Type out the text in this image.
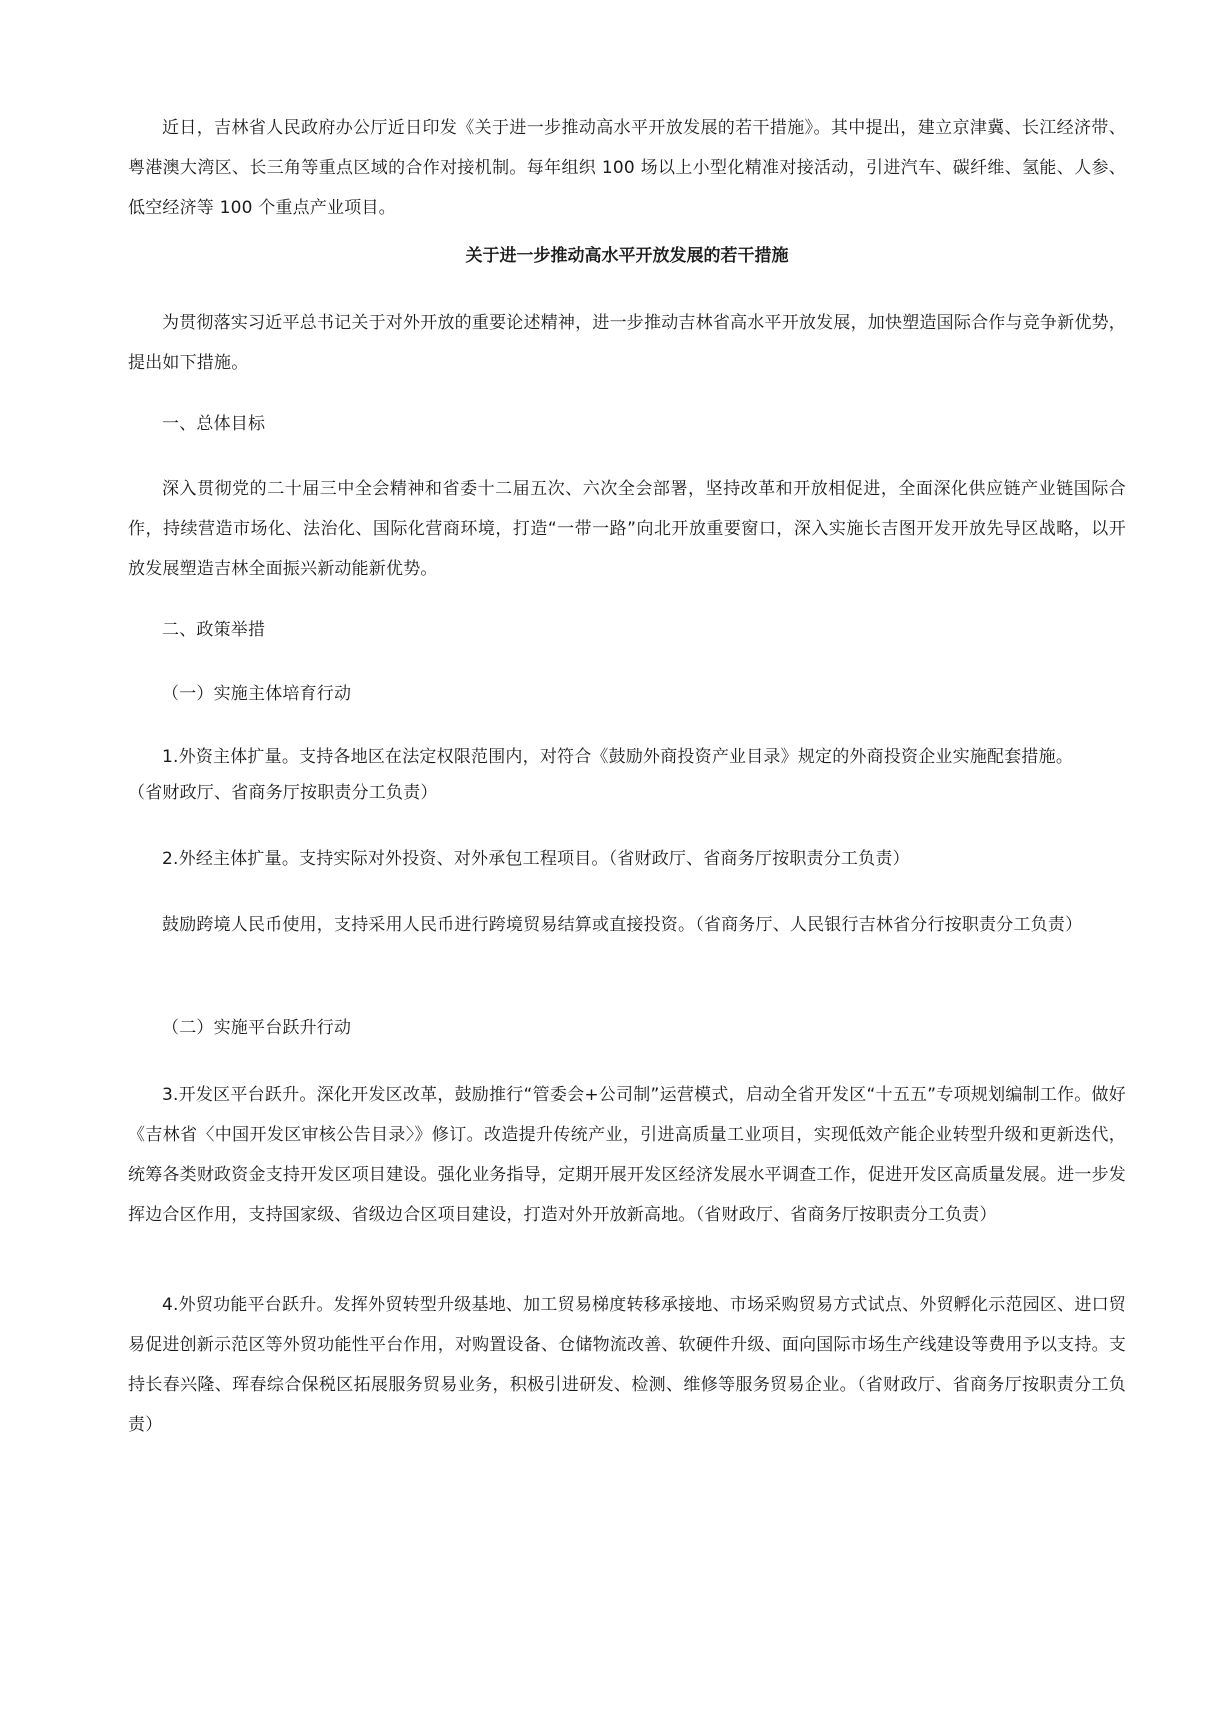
近日，吉林省人民政府办公厅近日印发《关于进一步推动高水平开放发展的若干措施》。其中提出，建立京津冀、长江经济带、粤港澳大湾区、长三角等重点区域的合作对接机制。每年组织 100 场以上小型化精准对接活动，引进汽车、碳纤维、氢能、人参、低空经济等 100 个重点产业项目。

关于进一步推动高水平开放发展的若干措施

为贯彻落实习近平总书记关于对外开放的重要论述精神，进一步推动吉林省高水平开放发展，加快塑造国际合作与竞争新优势，提出如下措施。

一、总体目标

深入贯彻党的二十届三中全会精神和省委十二届五次、六次全会部署，坚持改革和开放相促进，全面深化供应链产业链国际合作，持续营造市场化、法治化、国际化营商环境，打造“一带一路”向北开放重要窗口，深入实施长吉图开发开放先导区战略，以开放发展塑造吉林全面振兴新动能新优势。

二、政策举措

（一）实施主体培育行动

1.外资主体扩量。支持各地区在法定权限范围内，对符合《鼓励外商投资产业目录》规定的外商投资企业实施配套措施。

（省财政厅、省商务厅按职责分工负责）

2.外经主体扩量。支持实际对外投资、对外承包工程项目。（省财政厅、省商务厅按职责分工负责）

鼓励跨境人民币使用，支持采用人民币进行跨境贸易结算或直接投资。（省商务厅、人民银行吉林省分行按职责分工负责）

（二）实施平台跃升行动

3.开发区平台跃升。深化开发区改革，鼓励推行“管委会+公司制”运营模式，启动全省开发区“十五五”专项规划编制工作。做好《吉林省〈中国开发区审核公告目录〉》修订。改造提升传统产业，引进高质量工业项目，实现低效产能企业转型升级和更新迭代，统筹各类财政资金支持开发区项目建设。强化业务指导，定期开展开发区经济发展水平调查工作，促进开发区高质量发展。进一步发挥边合区作用，支持国家级、省级边合区项目建设，打造对外开放新高地。（省财政厅、省商务厅按职责分工负责）

4.外贸功能平台跃升。发挥外贸转型升级基地、加工贸易梯度转移承接地、市场采购贸易方式试点、外贸孵化示范园区、进口贸易促进创新示范区等外贸功能性平台作用，对购置设备、仓储物流改善、软硬件升级、面向国际市场生产线建设等费用予以支持。支持长春兴隆、珲春综合保税区拓展服务贸易业务，积极引进研发、检测、维修等服务贸易企业。（省财政厅、省商务厅按职责分工负责）
